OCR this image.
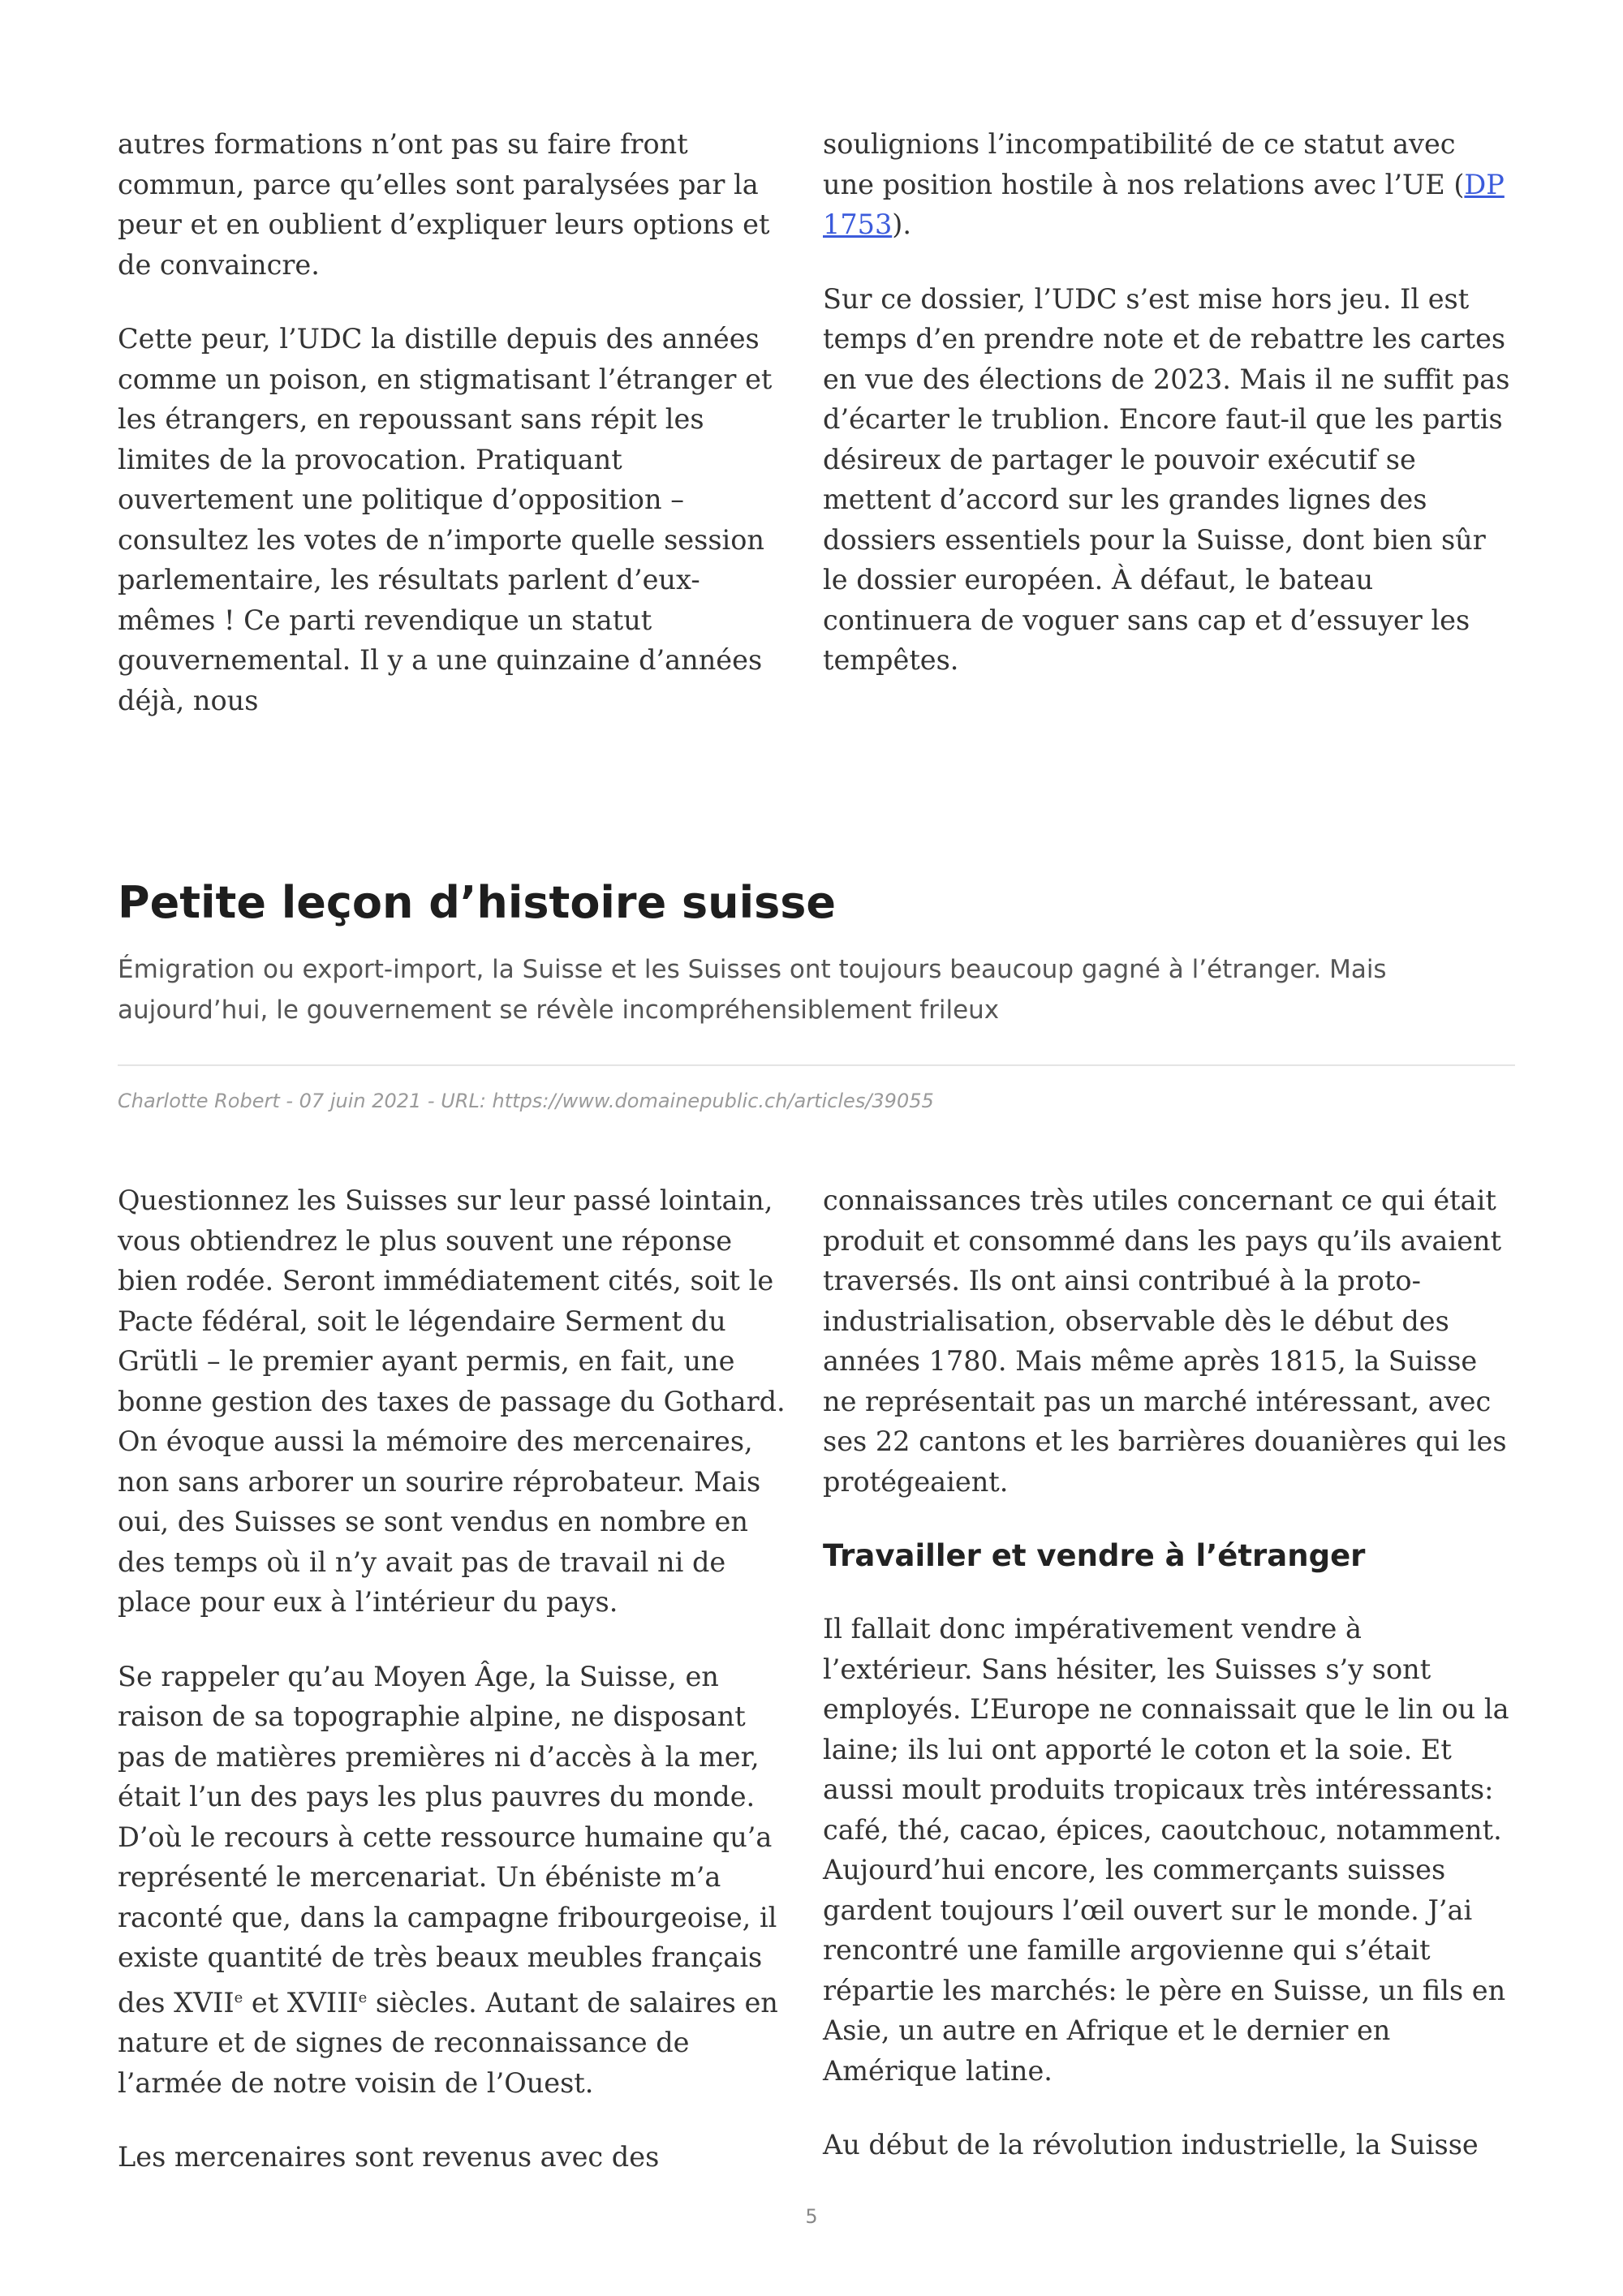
autres formations n’ont pas su faire front commun, parce qu’elles sont paralysées par la peur et en oublient d’expliquer leurs options et de convaincre.

Cette peur, l’UDC la distille depuis des années comme un poison, en stigmatisant l’étranger et les étrangers, en repoussant sans répit les limites de la provocation. Pratiquant ouvertement une politique d’opposition – consultez les votes de n’importe quelle session parlementaire, les résultats parlent d’eux-mêmes ! Ce parti revendique un statut gouvernemental. Il y a une quinzaine d’années déjà, nous

soulignions l’incompatibilité de ce statut avec une position hostile à nos relations avec l’UE (DP 1753).

Sur ce dossier, l’UDC s’est mise hors jeu. Il est temps d’en prendre note et de rebattre les cartes en vue des élections de 2023. Mais il ne suffit pas d’écarter le trublion. Encore faut-il que les partis désireux de partager le pouvoir exécutif se mettent d’accord sur les grandes lignes des dossiers essentiels pour la Suisse, dont bien sûr le dossier européen. À défaut, le bateau continuera de voguer sans cap et d’essuyer les tempêtes.

Petite leçon d’histoire suisse

Émigration ou export-import, la Suisse et les Suisses ont toujours beaucoup gagné à l’étranger. Mais aujourd’hui, le gouvernement se révèle incompréhensiblement frileux

Charlotte Robert - 07 juin 2021 - URL: https://www.domainepublic.ch/articles/39055

Questionnez les Suisses sur leur passé lointain, vous obtiendrez le plus souvent une réponse bien rodée. Seront immédiatement cités, soit le Pacte fédéral, soit le légendaire Serment du Grütli – le premier ayant permis, en fait, une bonne gestion des taxes de passage du Gothard. On évoque aussi la mémoire des mercenaires, non sans arborer un sourire réprobateur. Mais oui, des Suisses se sont vendus en nombre en des temps où il n’y avait pas de travail ni de place pour eux à l’intérieur du pays.

Se rappeler qu’au Moyen Âge, la Suisse, en raison de sa topographie alpine, ne disposant pas de matières premières ni d’accès à la mer, était l’un des pays les plus pauvres du monde. D’où le recours à cette ressource humaine qu’a représenté le mercenariat. Un ébéniste m’a raconté que, dans la campagne fribourgeoise, il existe quantité de très beaux meubles français des XVIIe et XVIIIe siècles. Autant de salaires en nature et de signes de reconnaissance de l’armée de notre voisin de l’Ouest.

Les mercenaires sont revenus avec des

connaissances très utiles concernant ce qui était produit et consommé dans les pays qu’ils avaient traversés. Ils ont ainsi contribué à la proto-industrialisation, observable dès le début des années 1780. Mais même après 1815, la Suisse ne représentait pas un marché intéressant, avec ses 22 cantons et les barrières douanières qui les protégeaient.

Travailler et vendre à l’étranger

Il fallait donc impérativement vendre à l’extérieur. Sans hésiter, les Suisses s’y sont employés. L’Europe ne connaissait que le lin ou la laine; ils lui ont apporté le coton et la soie. Et aussi moult produits tropicaux très intéressants: café, thé, cacao, épices, caoutchouc, notamment. Aujourd’hui encore, les commerçants suisses gardent toujours l’œil ouvert sur le monde. J’ai rencontré une famille argovienne qui s’était répartie les marchés: le père en Suisse, un fils en Asie, un autre en Afrique et le dernier en Amérique latine.

Au début de la révolution industrielle, la Suisse

5
